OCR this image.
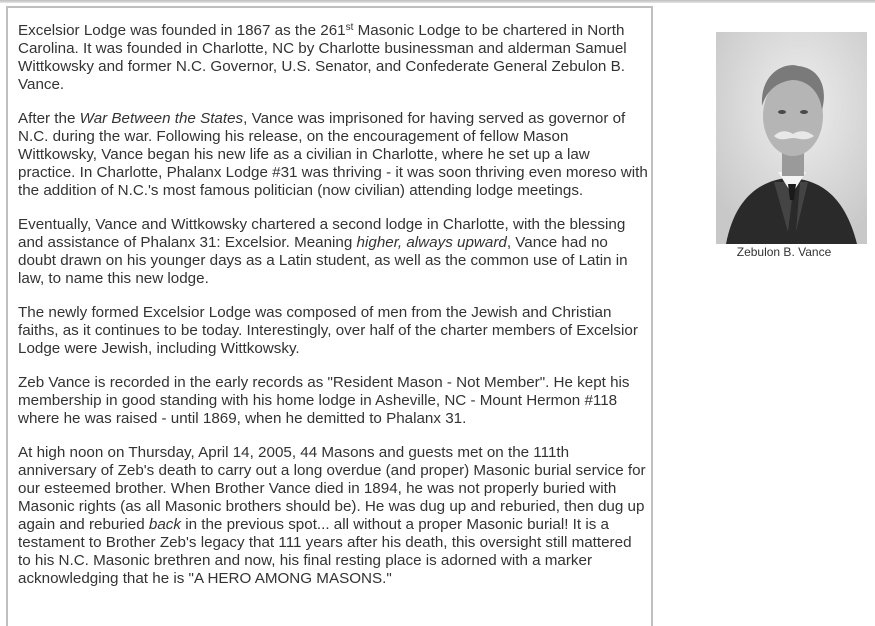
Excelsior Lodge was founded in 1867 as the 261st Masonic Lodge to be chartered in North Carolina. It was founded in Charlotte, NC by Charlotte businessman and alderman Samuel Wittkowsky and former N.C. Governor, U.S. Senator, and Confederate General Zebulon B. Vance.

After the War Between the States, Vance was imprisoned for having served as governor of N.C. during the war. Following his release, on the encouragement of fellow Mason Wittkowsky, Vance began his new life as a civilian in Charlotte, where he set up a law practice. In Charlotte, Phalanx Lodge #31 was thriving - it was soon thriving even moreso with the addition of N.C.'s most famous politician (now civilian) attending lodge meetings.

Eventually, Vance and Wittkowsky chartered a second lodge in Charlotte, with the blessing and assistance of Phalanx 31: Excelsior. Meaning higher, always upward, Vance had no doubt drawn on his younger days as a Latin student, as well as the common use of Latin in law, to name this new lodge.

The newly formed Excelsior Lodge was composed of men from the Jewish and Christian faiths, as it continues to be today. Interestingly, over half of the charter members of Excelsior Lodge were Jewish, including Wittkowsky.

Zeb Vance is recorded in the early records as "Resident Mason - Not Member". He kept his membership in good standing with his home lodge in Asheville, NC - Mount Hermon #118 where he was raised - until 1869, when he demitted to Phalanx 31.

At high noon on Thursday, April 14, 2005, 44 Masons and guests met on the 111th anniversary of Zeb's death to carry out a long overdue (and proper) Masonic burial service for our esteemed brother. When Brother Vance died in 1894, he was not properly buried with Masonic rights (as all Masonic brothers should be). He was dug up and reburied, then dug up again and reburied back in the previous spot... all without a proper Masonic burial! It is a testament to Brother Zeb's legacy that 111 years after his death, this oversight still mattered to his N.C. Masonic brethren and now, his final resting place is adorned with a marker acknowledging that he is "A HERO AMONG MASONS."

Zebulon B. Vance
